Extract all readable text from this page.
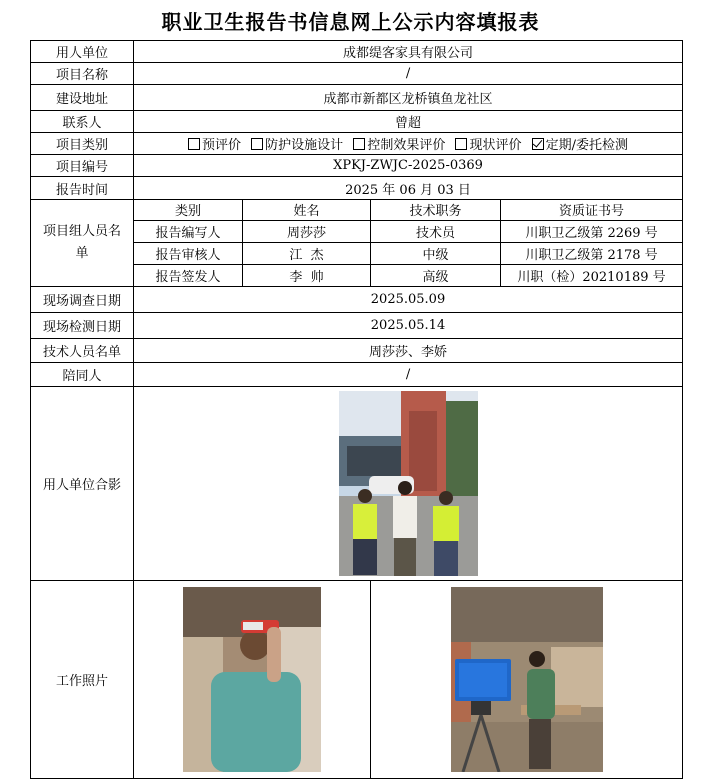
职业卫生报告书信息网上公示内容填报表
用人单位	成都缇客家具有限公司			
项目名称	/			
建设地址	成都市新都区龙桥镇鱼龙社区			
联系人	曾超			
项目类别	预评价 防护设施设计 控制效果评价 现状评价 定期/委托检测			
项目编号	XPKJ-ZWJC-2025-0369			
报告时间	2025 年 06 月 03 日			
项目组人员名单	类别	姓名	技术职务	资质证书号
	报告编写人	周莎莎	技术员	川职卫乙级第 2269 号
	报告审核人	江  杰	中级	川职卫乙级第 2178 号
	报告签发人	李  帅	高级	川职（检）20210189 号
现场调查日期	2025.05.09			
现场检测日期	2025.05.14			
技术人员名单	周莎莎、李娇			
陪同人	/			
用人单位合影	
工作照片		
